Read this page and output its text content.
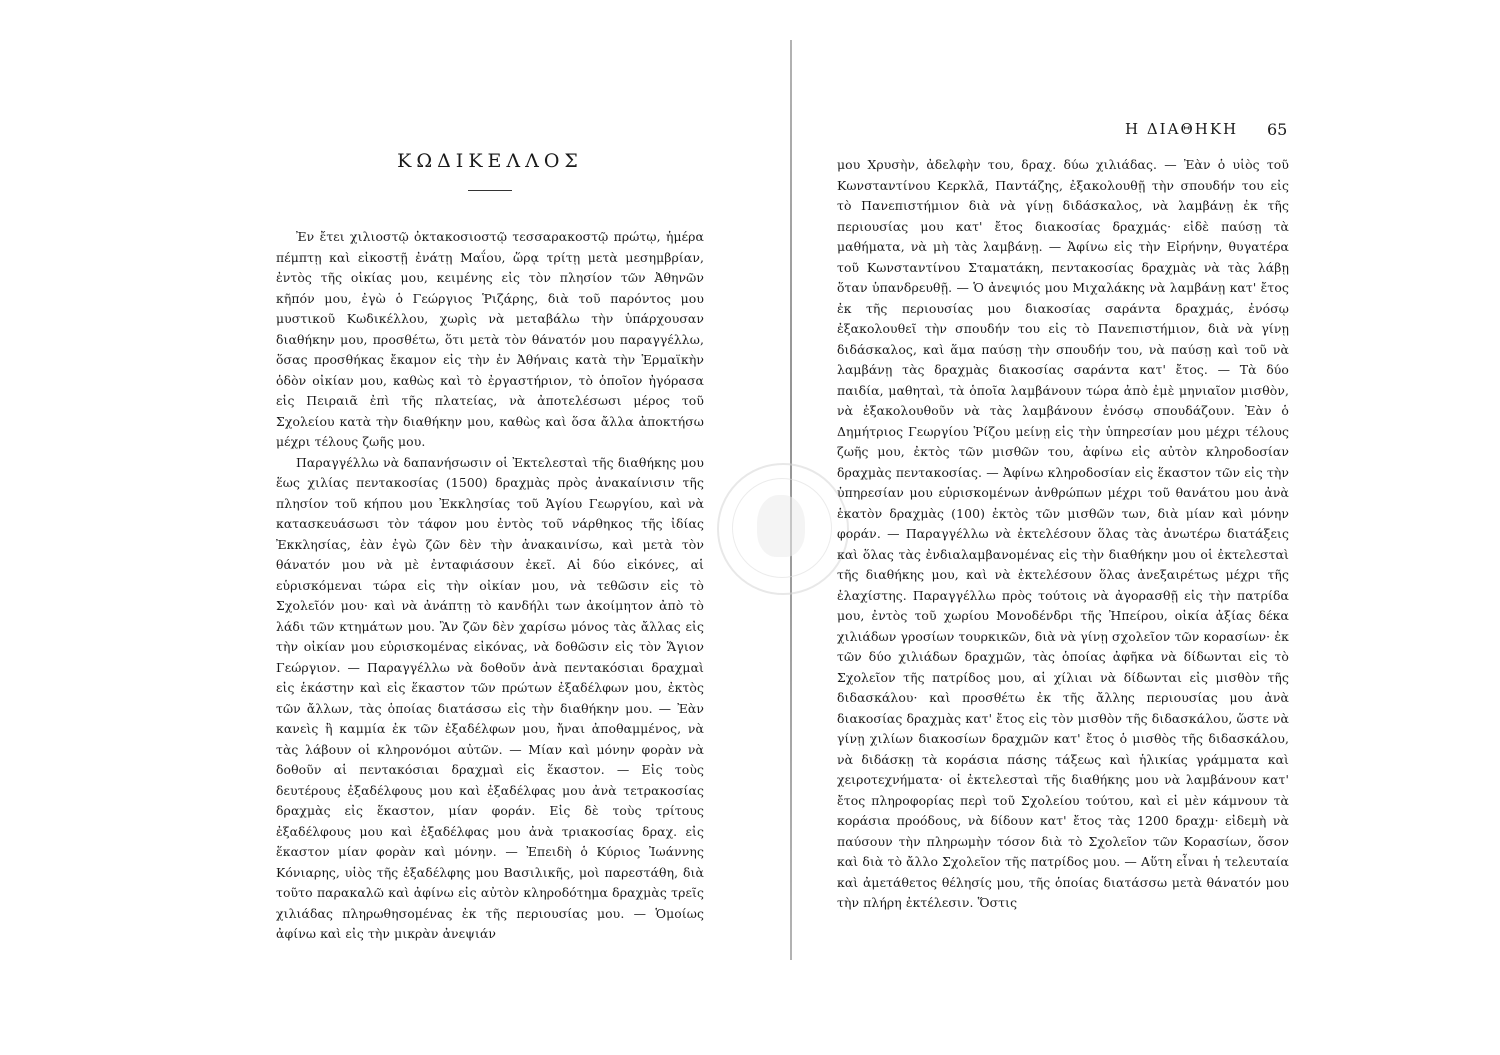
ΚΩΔΙΚΕΛΛΟΣ

Ἐν ἔτει χιλιοστῷ ὀκτακοσιοστῷ τεσσαρακοστῷ πρώτῳ, ἡμέρα πέμπτῃ καὶ εἰκοστῇ ἐνάτῃ Μαΐου, ὥρᾳ τρίτῃ μετὰ μεσημβρίαν, ἐντὸς τῆς οἰκίας μου, κειμένης εἰς τὸν πλησίον τῶν Ἀθηνῶν κῆπόν μου, ἐγὼ ὁ Γεώργιος Ῥιζάρης, διὰ τοῦ παρόντος μου μυστικοῦ Κωδικέλλου, χωρὶς νὰ μεταβάλω τὴν ὑπάρχουσαν διαθήκην μου, προσθέτω, ὅτι μετὰ τὸν θάνατόν μου παραγγέλλω, ὅσας προσθήκας ἔκαμον εἰς τὴν ἐν Ἀθήναις κατὰ τὴν Ἑρμαϊκὴν ὁδὸν οἰκίαν μου, καθὼς καὶ τὸ ἐργαστήριον, τὸ ὁποῖον ἠγόρασα εἰς Πειραιᾶ ἐπὶ τῆς πλατείας, νὰ ἀποτελέσωσι μέρος τοῦ Σχολείου κατὰ τὴν διαθήκην μου, καθὼς καὶ ὅσα ἄλλα ἀποκτήσω μέχρι τέλους ζωῆς μου.

Παραγγέλλω νὰ δαπανήσωσιν οἱ Ἐκτελεσταὶ τῆς διαθήκης μου ἕως χιλίας πεντακοσίας (1500) δραχμὰς πρὸς ἀνακαίνισιν τῆς πλησίον τοῦ κήπου μου Ἐκκλησίας τοῦ Ἁγίου Γεωργίου, καὶ νὰ κατασκευάσωσι τὸν τάφον μου ἐντὸς τοῦ νάρθηκος τῆς ἰδίας Ἐκκλησίας, ἐὰν ἐγὼ ζῶν δὲν τὴν ἀνακαινίσω, καὶ μετὰ τὸν θάνατόν μου νὰ μὲ ἐνταφιάσουν ἐκεῖ. Αἱ δύο εἰκόνες, αἱ εὑρισκόμεναι τώρα εἰς τὴν οἰκίαν μου, νὰ τεθῶσιν εἰς τὸ Σχολεῖόν μου· καὶ νὰ ἀνάπτῃ τὸ κανδήλι των ἀκοίμητον ἀπὸ τὸ λάδι τῶν κτημάτων μου. Ἂν ζῶν δὲν χαρίσω μόνος τὰς ἄλλας εἰς τὴν οἰκίαν μου εὑρισκομένας εἰκόνας, νὰ δοθῶσιν εἰς τὸν Ἅγιον Γεώργιον. — Παραγγέλλω νὰ δοθοῦν ἀνὰ πεντακόσιαι δραχμαὶ εἰς ἑκάστην καὶ εἰς ἕκαστον τῶν πρώτων ἐξαδέλφων μου, ἐκτὸς τῶν ἄλλων, τὰς ὁποίας διατάσσω εἰς τὴν διαθήκην μου. — Ἐὰν κανεὶς ἢ καμμία ἐκ τῶν ἐξαδέλφων μου, ἤναι ἀποθαμμένος, νὰ τὰς λάβουν οἱ κληρονόμοι αὐτῶν. — Μίαν καὶ μόνην φορὰν νὰ δοθοῦν αἱ πεντακόσιαι δραχμαὶ εἰς ἕκαστον. — Εἰς τοὺς δευτέρους ἐξαδέλφους μου καὶ ἐξαδέλφας μου ἀνὰ τετρακοσίας δραχμὰς εἰς ἕκαστον, μίαν φοράν. Εἰς δὲ τοὺς τρίτους ἐξαδέλφους μου καὶ ἐξαδέλφας μου ἀνὰ τριακοσίας δραχ. εἰς ἕκαστον μίαν φορὰν καὶ μόνην. — Ἐπειδὴ ὁ Κύριος Ἰωάννης Κόνιαρης, υἱὸς τῆς ἐξαδέλφης μου Βασιλικῆς, μοὶ παρεστάθη, διὰ τοῦτο παρακαλῶ καὶ ἀφίνω εἰς αὐτὸν κληροδότημα δραχμὰς τρεῖς χιλιάδας πληρωθησομένας ἐκ τῆς περιουσίας μου. — Ὁμοίως ἀφίνω καὶ εἰς τὴν μικρὰν ἀνεψιάν

Η ΔΙΑΘΗΚΗ 65

μου Χρυσὴν, ἀδελφὴν του, δραχ. δύω χιλιάδας. — Ἐὰν ὁ υἱὸς τοῦ Κωνσταντίνου Κερκλᾶ, Παντάζης, ἐξακολουθῇ τὴν σπουδήν του εἰς τὸ Πανεπιστήμιον διὰ νὰ γίνῃ διδάσκαλος, νὰ λαμβάνῃ ἐκ τῆς περιουσίας μου κατ' ἔτος διακοσίας δραχμάς· εἰδὲ παύσῃ τὰ μαθήματα, νὰ μὴ τὰς λαμβάνῃ. — Ἀφίνω εἰς τὴν Εἰρήνην, θυγατέρα τοῦ Κωνσταντίνου Σταματάκη, πεντακοσίας δραχμὰς νὰ τὰς λάβῃ ὅταν ὑπανδρευθῇ. — Ὁ ἀνεψιός μου Μιχαλάκης νὰ λαμβάνῃ κατ' ἔτος ἐκ τῆς περιουσίας μου διακοσίας σαράντα δραχμάς, ἐνόσῳ ἐξακολουθεῖ τὴν σπουδήν του εἰς τὸ Πανεπιστήμιον, διὰ νὰ γίνῃ διδάσκαλος, καὶ ἅμα παύσῃ τὴν σπουδήν του, νὰ παύσῃ καὶ τοῦ νὰ λαμβάνῃ τὰς δραχμὰς διακοσίας σαράντα κατ' ἔτος. — Τὰ δύο παιδία, μαθηταὶ, τὰ ὁποῖα λαμβάνουν τώρα ἀπὸ ἐμὲ μηνιαῖον μισθὸν, νὰ ἐξακολουθοῦν νὰ τὰς λαμβάνουν ἐνόσῳ σπουδάζουν. Ἐὰν ὁ Δημήτριος Γεωργίου Ῥίζου μείνῃ εἰς τὴν ὑπηρεσίαν μου μέχρι τέλους ζωῆς μου, ἐκτὸς τῶν μισθῶν του, ἀφίνω εἰς αὐτὸν κληροδοσίαν δραχμὰς πεντακοσίας. — Ἀφίνω κληροδοσίαν εἰς ἕκαστον τῶν εἰς τὴν ὑπηρεσίαν μου εὑρισκομένων ἀνθρώπων μέχρι τοῦ θανάτου μου ἀνὰ ἑκατὸν δραχμὰς (100) ἐκτὸς τῶν μισθῶν των, διὰ μίαν καὶ μόνην φοράν. — Παραγγέλλω νὰ ἐκτελέσουν ὅλας τὰς ἀνωτέρω διατάξεις καὶ ὅλας τὰς ἐνδιαλαμβανομένας εἰς τὴν διαθήκην μου οἱ ἐκτελεσταὶ τῆς διαθήκης μου, καὶ νὰ ἐκτελέσουν ὅλας ἀνεξαιρέτως μέχρι τῆς ἐλαχίστης. Παραγγέλλω πρὸς τούτοις νὰ ἀγορασθῇ εἰς τὴν πατρίδα μου, ἐντὸς τοῦ χωρίου Μονοδένδρι τῆς Ἠπείρου, οἰκία ἀξίας δέκα χιλιάδων γροσίων τουρκικῶν, διὰ νὰ γίνῃ σχολεῖον τῶν κορασίων· ἐκ τῶν δύο χιλιάδων δραχμῶν, τὰς ὁποίας ἀφῆκα νὰ δίδωνται εἰς τὸ Σχολεῖον τῆς πατρίδος μου, αἱ χίλιαι νὰ δίδωνται εἰς μισθὸν τῆς διδασκάλου· καὶ προσθέτω ἐκ τῆς ἄλλης περιουσίας μου ἀνὰ διακοσίας δραχμὰς κατ' ἔτος εἰς τὸν μισθὸν τῆς διδασκάλου, ὥστε νὰ γίνῃ χιλίων διακοσίων δραχμῶν κατ' ἔτος ὁ μισθὸς τῆς διδασκάλου, νὰ διδάσκῃ τὰ κοράσια πάσης τάξεως καὶ ἡλικίας γράμματα καὶ χειροτεχνήματα· οἱ ἐκτελεσταὶ τῆς διαθήκης μου νὰ λαμβάνουν κατ' ἔτος πληροφορίας περὶ τοῦ Σχολείου τούτου, καὶ εἰ μὲν κάμνουν τὰ κοράσια προόδους, νὰ δίδουν κατ' ἔτος τὰς 1200 δραχμ· εἰδεμὴ νὰ παύσουν τὴν πληρωμὴν τόσον διὰ τὸ Σχολεῖον τῶν Κορασίων, ὅσον καὶ διὰ τὸ ἄλλο Σχολεῖον τῆς πατρίδος μου. — Αὕτη εἶναι ἡ τελευταία καὶ ἀμετάθετος θέλησίς μου, τῆς ὁποίας διατάσσω μετὰ θάνατόν μου τὴν πλήρη ἐκτέλεσιν. Ὅστις
